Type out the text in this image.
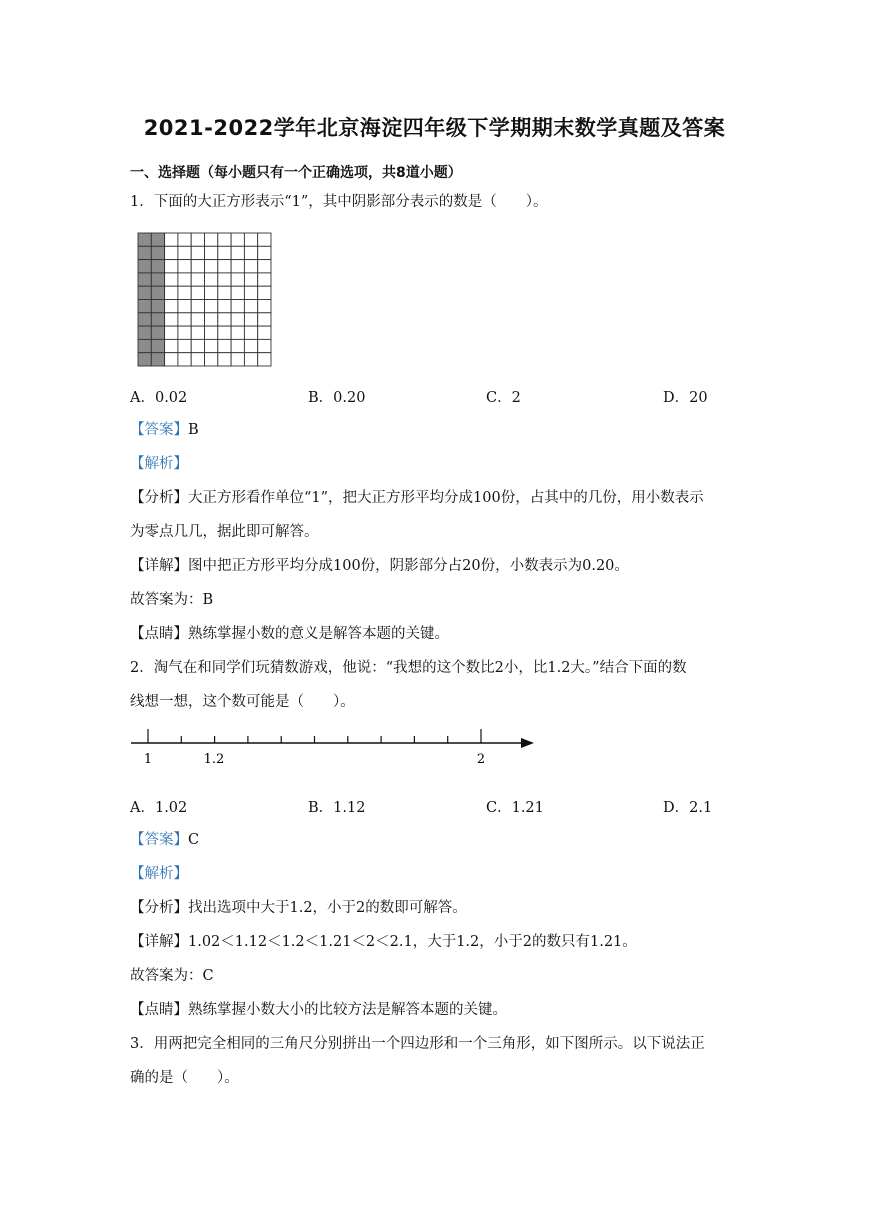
2021-2022学年北京海淀四年级下学期期末数学真题及答案
一、选择题（每小题只有一个正确选项，共8道小题）
1．下面的大正方形表示“1”，其中阴影部分表示的数是（　　）。
A．0.02	B．0.20	C．2	D．20
【答案】B
【解析】
【分析】大正方形看作单位“1”，把大正方形平均分成100份，占其中的几份，用小数表示
为零点几几，据此即可解答。
【详解】图中把正方形平均分成100份，阴影部分占20份，小数表示为0.20。
故答案为：B
【点睛】熟练掌握小数的意义是解答本题的关键。
2．淘气在和同学们玩猜数游戏，他说：“我想的这个数比2小，比1.2大。”结合下面的数
线想一想，这个数可能是（　　）。
1	1.2	2
A．1.02	B．1.12	C．1.21	D．2.1
【答案】C
【解析】
【分析】找出选项中大于1.2，小于2的数即可解答。
【详解】1.02＜1.12＜1.2＜1.21＜2＜2.1，大于1.2，小于2的数只有1.21。
故答案为：C
【点睛】熟练掌握小数大小的比较方法是解答本题的关键。
3．用两把完全相同的三角尺分别拼出一个四边形和一个三角形，如下图所示。以下说法正
确的是（　　）。
